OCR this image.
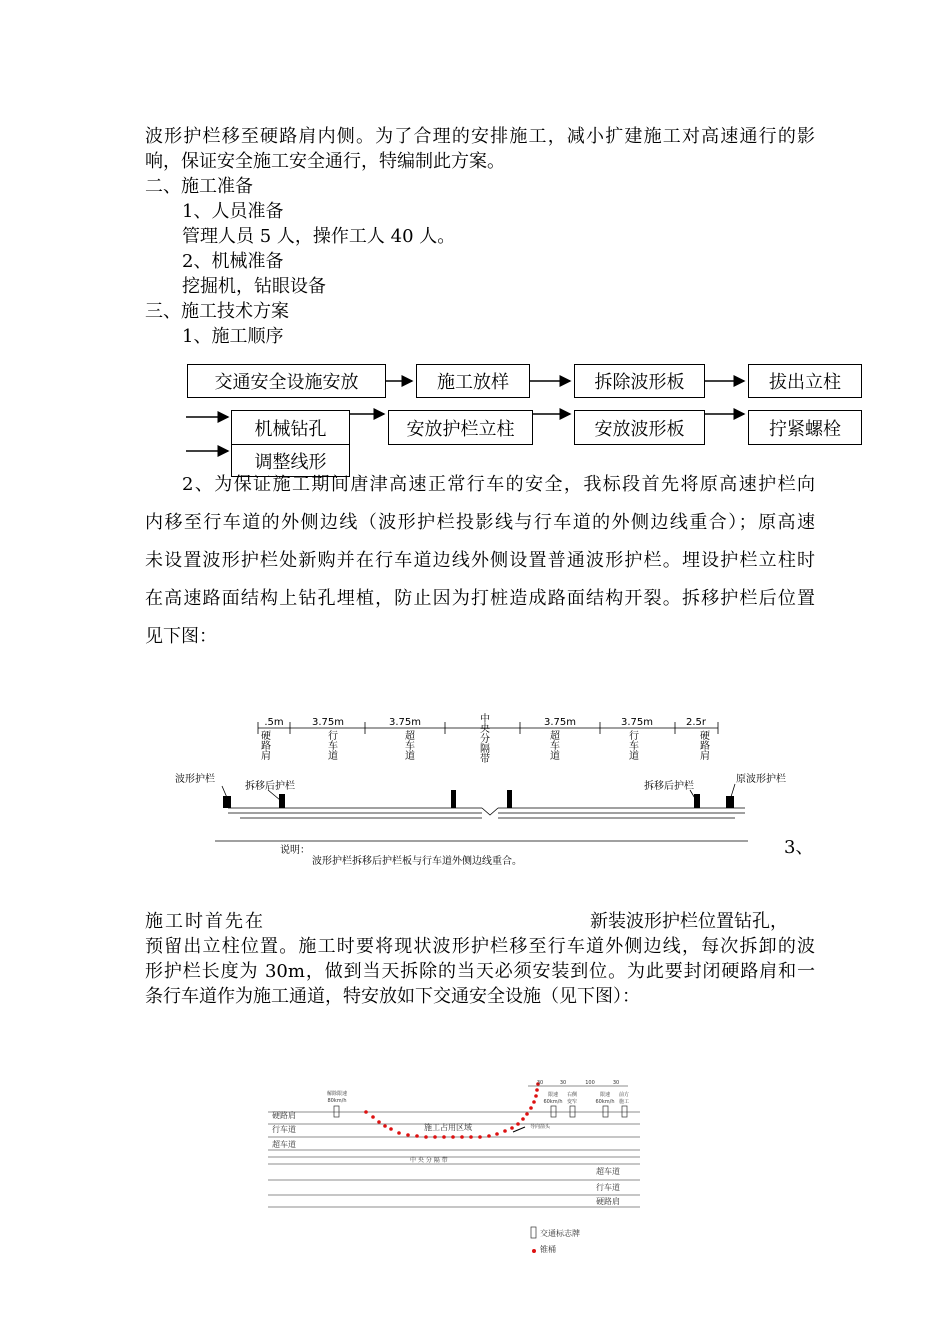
波形护栏移至硬路肩内侧。为了合理的安排施工，减小扩建施工对高速通行的影

响，保证安全施工安全通行，特编制此方案。

二、施工准备

1、人员准备

管理人员 5 人，操作工人 40 人。

2、机械准备

挖掘机，钻眼设备

三、施工技术方案

1、施工顺序

交通安全设施安放	施工放样	拆除波形板	拔出立柱
机械钻孔	安放护栏立柱	安放波形板	拧紧螺栓
调整线形

2、为保证施工期间唐津高速正常行车的安全，我标段首先将原高速护栏向

内移至行车道的外侧边线（波形护栏投影线与行车道的外侧边线重合）；原高速

未设置波形护栏处新购并在行车道边线外侧设置普通波形护栏。埋设护栏立柱时

在高速路面结构上钻孔埋植，防止因为打桩造成路面结构开裂。拆移护栏后位置

见下图：

.5m	3.75m	3.75m	3.75m	3.75m	2.5r
硬路肩	行车道	超车道	中央分隔带	超车道	行车道	硬路肩
波形护栏
拆移后护栏	拆移后护栏
原波形护栏
说明：
波形护栏拆移后护栏板与行车道外侧边线重合。

3、

施工时首先在	新装波形护栏位置钻孔，

预留出立柱位置。施工时要将现状波形护栏移至行车道外侧边线，每次拆卸的波

形护栏长度为 30m，做到当天拆除的当天必须安装到位。为此要封闭硬路肩和一

条行车道作为施工通道，特安放如下交通安全设施（见下图）：

硬路肩
行车道
超车道
中 央 分 隔 带
超车道
行车道
硬路肩
施工占用区域
锥桶
交通标志牌
解除限速
80km/h
30	30	100	30
限速
60km/h
右侧
变窄
限速
60km/h
前方
施工
导向箭头
